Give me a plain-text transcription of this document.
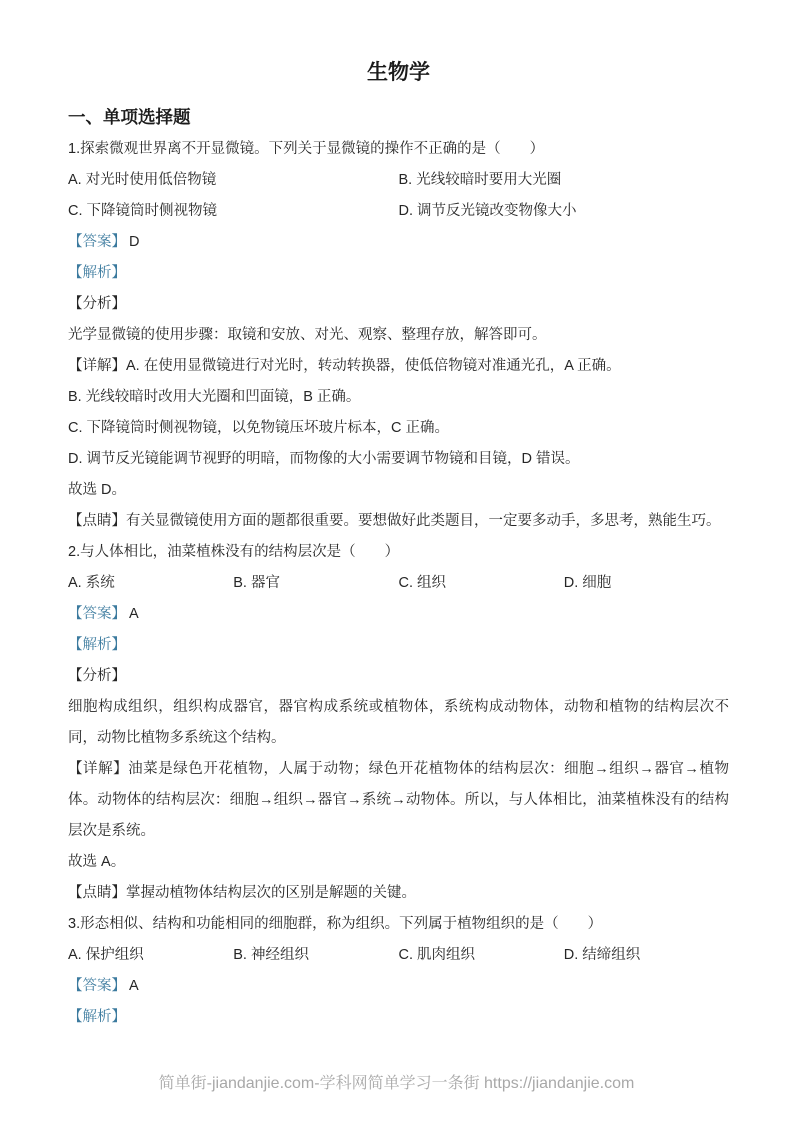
生物学
一、单项选择题

1.探索微观世界离不开显微镜。下列关于显微镜的操作不正确的是（　　）

A. 对光时使用低倍物镜	B. 光线较暗时要用大光圈
C. 下降镜筒时侧视物镜	D. 调节反光镜改变物像大小

【答案】 D

【解析】

【分析】

光学显微镜的使用步骤：取镜和安放、对光、观察、整理存放，解答即可。

【详解】A. 在使用显微镜进行对光时，转动转换器，使低倍物镜对准通光孔，A 正确。

B. 光线较暗时改用大光圈和凹面镜，B 正确。

C. 下降镜筒时侧视物镜，以免物镜压坏玻片标本，C 正确。

D. 调节反光镜能调节视野的明暗，而物像的大小需要调节物镜和目镜，D 错误。

故选 D。

【点睛】有关显微镜使用方面的题都很重要。要想做好此类题目，一定要多动手，多思考，熟能生巧。

2.与人体相比，油菜植株没有的结构层次是（　　）

A. 系统	B. 器官	C. 组织	D. 细胞

【答案】 A

【解析】

【分析】

细胞构成组织，组织构成器官，器官构成系统或植物体，系统构成动物体，动物和植物的结构层次不同，动物比植物多系统这个结构。

【详解】油菜是绿色开花植物，人属于动物；绿色开花植物体的结构层次：细胞→组织→器官→植物体。动物体的结构层次：细胞→组织→器官→系统→动物体。所以，与人体相比，油菜植株没有的结构层次是系统。

故选 A。

【点睛】掌握动植物体结构层次的区别是解题的关键。

3.形态相似、结构和功能相同的细胞群，称为组织。下列属于植物组织的是（　　）

A. 保护组织	B. 神经组织	C. 肌肉组织	D. 结缔组织

【答案】 A

【解析】

简单街-jiandanjie.com-学科网简单学习一条街 https://jiandanjie.com
